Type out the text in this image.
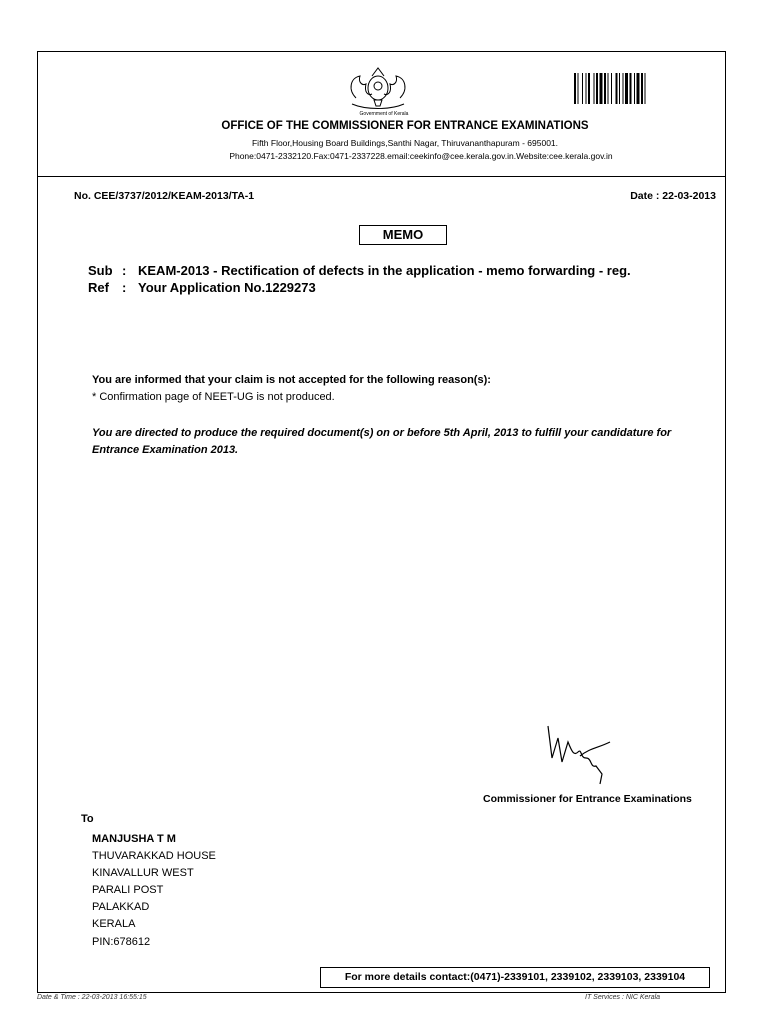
Government of Kerala
OFFICE OF THE COMMISSIONER FOR ENTRANCE EXAMINATIONS
Fifth Floor,Housing Board Buildings,Santhi Nagar, Thiruvananthapuram - 695001.
Phone:0471-2332120.Fax:0471-2337228.email:ceekinfo@cee.kerala.gov.in.Website:cee.kerala.gov.in
No. CEE/3737/2012/KEAM-2013/TA-1	Date : 22-03-2013
MEMO
Sub : KEAM-2013 - Rectification of defects in the application - memo forwarding - reg.
Ref : Your Application No.1229273
You are informed that your claim is not accepted for the following reason(s):
* Confirmation page of NEET-UG is not produced.
You are directed to produce the required document(s) on or before 5th April, 2013 to fulfill your candidature for Entrance Examination 2013.
Commissioner for Entrance Examinations
To
MANJUSHA T M
THUVARAKKAD HOUSE
KINAVALLUR WEST
PARALI POST
PALAKKAD
KERALA
PIN:678612
For more details contact:(0471)-2339101, 2339102, 2339103, 2339104
Date & Time : 22-03-2013 16:55:15	IT Services : NIC Kerala
